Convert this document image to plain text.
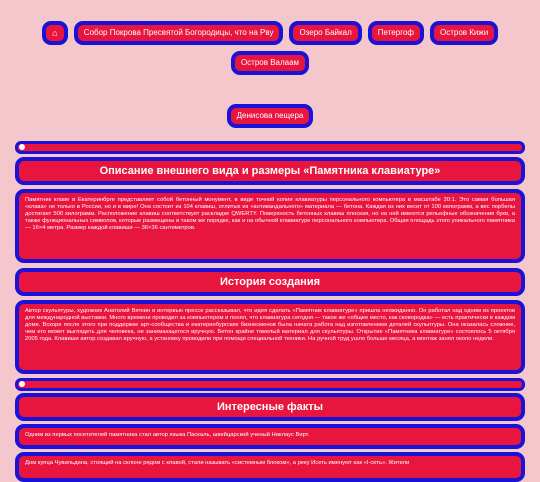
⌂	Собор Покрова Пресвятой Богородицы, что на Рву	Озеро Байкал	Петергоф	Остров Кижи
Остров Валаам
Денисова пещера
Описание внешнего вида и размеры «Памятника клавиатуре»
Памятник клаве в Екатеринбрге представляет собой бетонный монумент, в виде точной копии клавиатуры персонального компьютера в масштабе 30:1. Это самая большая «клава» не только в России, но и в мире! Она состоит из 104 клавиш, отлитых из «антивандального» материала — бетона. Каждая из них весит от 100 килограмм, а вес порбелы достигает 500 килограмм. Расположение клавиш соответствует раскладке QWERTY. Поверхность бетонных клавиш плоская, но на ней имеются рельефные обозначения букв, а также функциональных символов, которые размещены в таком же порядке, как и на обычной клавиатуре персонального компьютера. Общая площадь этого уникального памятника — 16×4 метра. Размер каждой клавиши — 36×36 сантиметров.
История создания
Автор скульптуры, художник Анатолий Вяткин в интервью прессе рассказывал, что идея сделать «Памятник клавиатуре» пришла неожиданно. Он работал над одним из проектов для международной выставки. Много времени проводил за компьютером и понял, что клавиатура сегодня — такое же «общее место, как сковородка» — есть практически в каждом доме. Вскоре после этого при поддержке арт-сообщества и екатеринбургских бизнесменов была начата работа над изготовлением деталей скульптуры. Она оказалась сложнее, чем его может выглядеть для человека, не занимающегося вручную. Бетон крайне тяжелый материал для скульптуры. Открытие «Памятника клавиатуре» состоялось 5 октября 2005 года. Клавиши автор создавал вручную, а установку проводили при помощи специальной техники. На ручной труд ушло больше месяца, а монтаж занял около недели.
Интересные факты
Одним из первых посетителей памятника стал автор языка Паскаль, швейцарский ученый Никлаус Вирт.
Дом купца Чувильдина, стоящий на склоне рядом с клавой, стали называть «системным блоком», а реку Исеть именуют как «I-сеть». Жители
